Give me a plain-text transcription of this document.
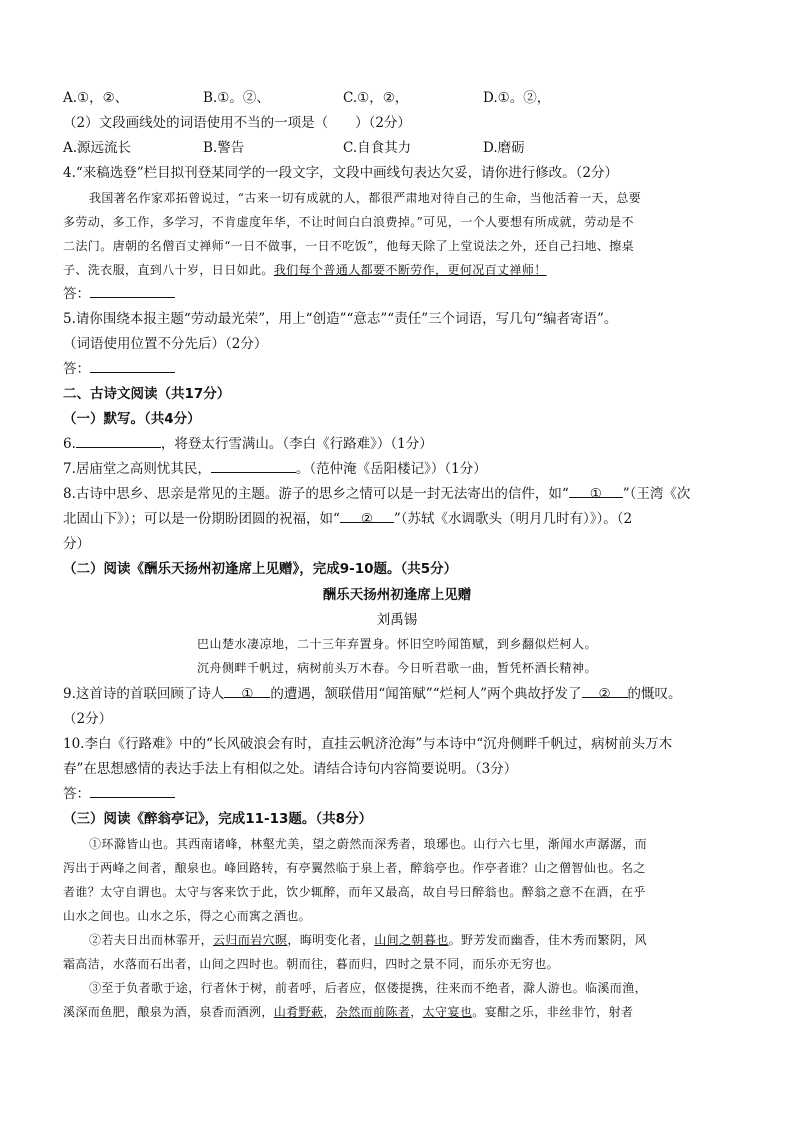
A.①，②、	B.①。②、	C.①，②，	D.①。②，
（2）文段画线处的词语使用不当的一项是（　　）（2分）
A.源远流长	B.警告	C.自食其力	D.磨砺
4.“来稿选登”栏目拟刊登某同学的一段文字，文段中画线句表达欠妥，请你进行修改。（2分）
我国著名作家邓拓曾说过，“古来一切有成就的人，都很严肃地对待自己的生命，当他活着一天，总要
多劳动，多工作，多学习，不肯虚度年华，不让时间白白浪费掉。”可见，一个人要想有所成就，劳动是不
二法门。唐朝的名僧百丈禅师“一日不做事，一日不吃饭”，他每天除了上堂说法之外，还自己扫地、擦桌
子、洗衣服，直到八十岁，日日如此。我们每个普通人都要不断劳作，更何况百丈禅师！
答：
5.请你围绕本报主题“劳动最光荣”，用上“创造”“意志”“责任”三个词语，写几句“编者寄语”。
（词语使用位置不分先后）（2分）
答：
二、古诗文阅读（共17分）
（一）默写。（共4分）
6.	，将登太行雪满山。（李白《行路难》）（1分）
7.居庙堂之高则忧其民，	。（范仲淹《岳阳楼记》）（1分）
8.古诗中思乡、思亲是常见的主题。游子的思乡之情可以是一封无法寄出的信件，如“ ① ”（王湾《次
北固山下》）；可以是一份期盼团圆的祝福，如“ ② ”（苏轼《水调歌头（明月几时有）》）。（2
分）
（二）阅读《酬乐天扬州初逢席上见赠》，完成9-10题。（共5分）
酬乐天扬州初逢席上见赠
刘禹锡
巴山楚水凄凉地，二十三年弃置身。怀旧空吟闻笛赋，到乡翻似烂柯人。
沉舟侧畔千帆过，病树前头万木春。今日听君歌一曲，暂凭杯酒长精神。
9.这首诗的首联回顾了诗人 ① 的遭遇，颔联借用“闻笛赋”“烂柯人”两个典故抒发了 ② 的慨叹。
（2分）
10.李白《行路难》中的“长风破浪会有时，直挂云帆济沧海”与本诗中“沉舟侧畔千帆过，病树前头万木
春”在思想感情的表达手法上有相似之处。请结合诗句内容简要说明。（3分）
答：
（三）阅读《醉翁亭记》，完成11-13题。（共8分）
①环滁皆山也。其西南诸峰，林壑尤美，望之蔚然而深秀者，琅琊也。山行六七里，渐闻水声潺潺，而
泻出于两峰之间者，酿泉也。峰回路转，有亭翼然临于泉上者，醉翁亭也。作亭者谁？山之僧智仙也。名之
者谁？太守自谓也。太守与客来饮于此，饮少辄醉，而年又最高，故自号曰醉翁也。醉翁之意不在酒，在乎
山水之间也。山水之乐，得之心而寓之酒也。
②若夫日出而林霏开，云归而岩穴暝，晦明变化者，山间之朝暮也。野芳发而幽香，佳木秀而繁阴，风
霜高洁，水落而石出者，山间之四时也。朝而往，暮而归，四时之景不同，而乐亦无穷也。
③至于负者歌于途，行者休于树，前者呼，后者应，伛偻提携，往来而不绝者，滁人游也。临溪而渔，
溪深而鱼肥，酿泉为酒，泉香而酒洌，山肴野蔌，杂然而前陈者，太守宴也。宴酣之乐，非丝非竹，射者
